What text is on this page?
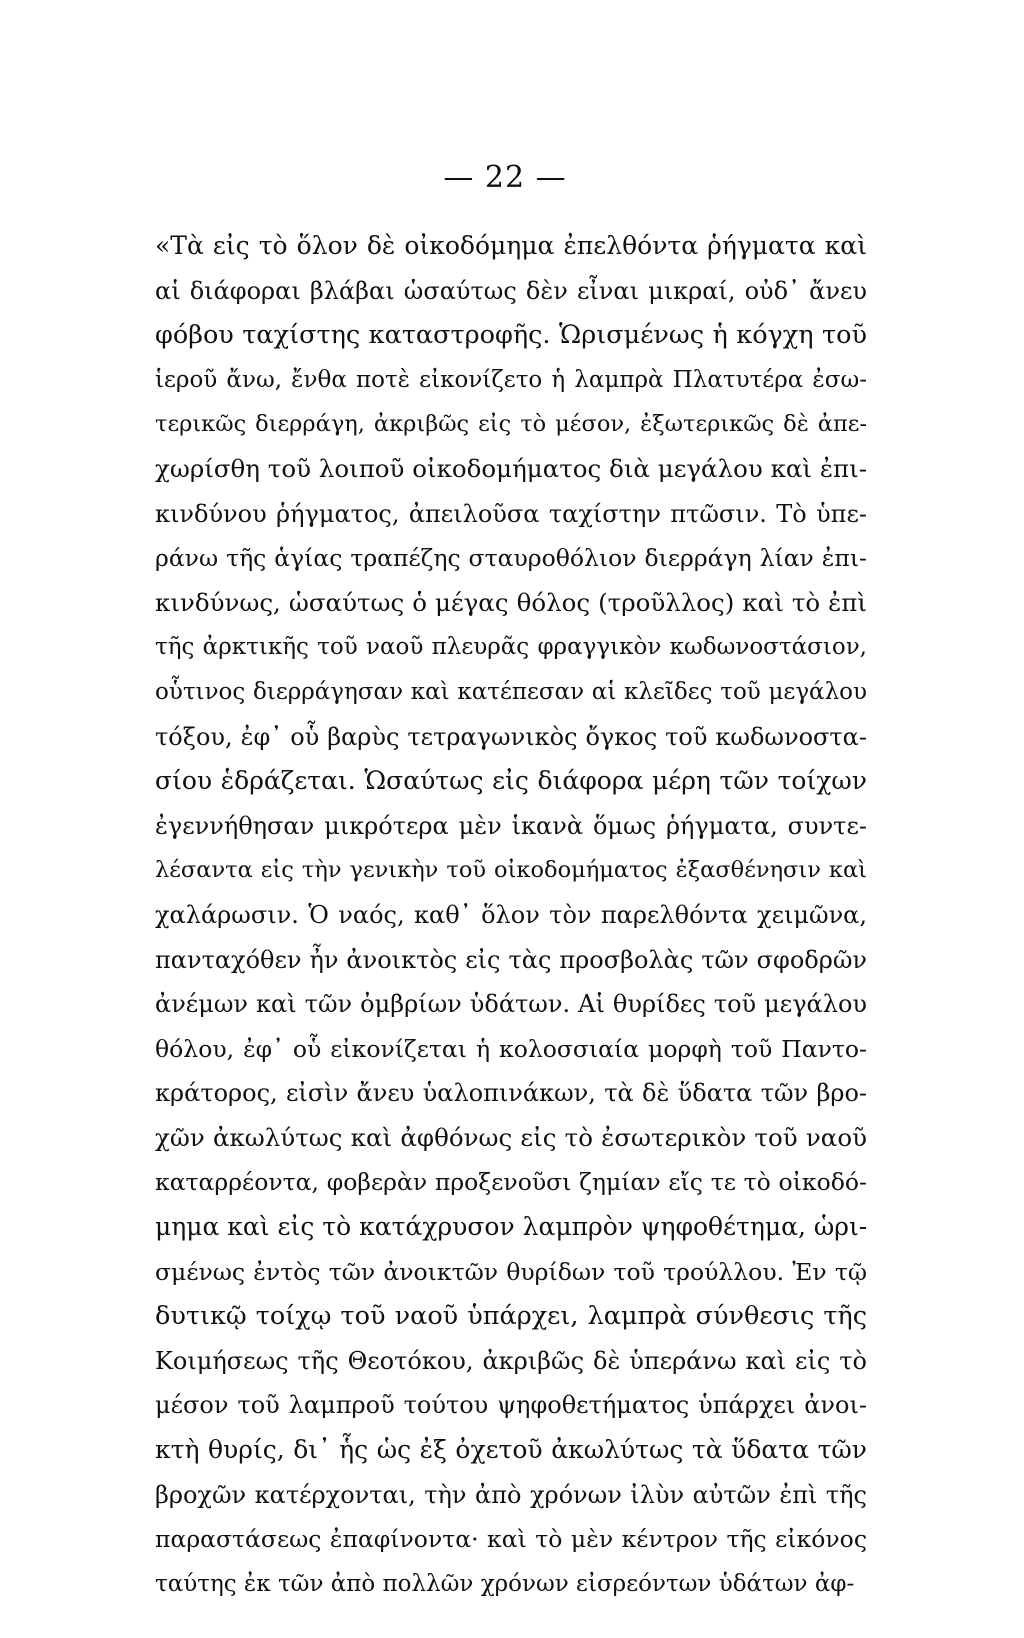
— 22 —

«Τὰ εἰς τὸ ὅλον δὲ οἰκοδόμημα ἐπελθόντα ῥήγματα καὶ
αἱ διάφοραι βλάβαι ὡσαύτως δὲν εἶναι μικραί, οὐδ᾽ ἄνευ
φόβου ταχίστης καταστροφῆς. Ὡρισμένως ἡ κόγχη τοῦ
ἱεροῦ ἄνω, ἔνθα ποτὲ εἰκονίζετο ἡ λαμπρὰ Πλατυτέρα ἐσω-
τερικῶς διερράγη, ἀκριβῶς εἰς τὸ μέσον, ἐξωτερικῶς δὲ ἀπε-
χωρίσθη τοῦ λοιποῦ οἰκοδομήματος διὰ μεγάλου καὶ ἐπι-
κινδύνου ῥήγματος, ἀπειλοῦσα ταχίστην πτῶσιν. Τὸ ὑπε-
ράνω τῆς ἁγίας τραπέζης σταυροθόλιον διερράγη λίαν ἐπι-
κινδύνως, ὡσαύτως ὁ μέγας θόλος (τροῦλλος) καὶ τὸ ἐπὶ
τῆς ἀρκτικῆς τοῦ ναοῦ πλευρᾶς φραγγικὸν κωδωνοστάσιον,
οὗτινος διερράγησαν καὶ κατέπεσαν αἱ κλεῖδες τοῦ μεγάλου
τόξου, ἐφ᾽ οὗ βαρὺς τετραγωνικὸς ὄγκος τοῦ κωδωνοστα-
σίου ἑδράζεται. Ὡσαύτως εἰς διάφορα μέρη τῶν τοίχων
ἐγεννήθησαν μικρότερα μὲν ἱκανὰ ὅμως ῥήγματα, συντε-
λέσαντα εἰς τὴν γενικὴν τοῦ οἰκοδομήματος ἐξασθένησιν καὶ
χαλάρωσιν. Ὁ ναός, καθ᾽ ὅλον τὸν παρελθόντα χειμῶνα,
πανταχόθεν ἦν ἀνοικτὸς εἰς τὰς προσβολὰς τῶν σφοδρῶν
ἀνέμων καὶ τῶν ὀμβρίων ὑδάτων. Αἱ θυρίδες τοῦ μεγάλου
θόλου, ἐφ᾽ οὗ εἰκονίζεται ἡ κολοσσιαία μορφὴ τοῦ Παντο-
κράτορος, εἰσὶν ἄνευ ὑαλοπινάκων, τὰ δὲ ὕδατα τῶν βρο-
χῶν ἀκωλύτως καὶ ἀφθόνως εἰς τὸ ἐσωτερικὸν τοῦ ναοῦ
καταρρέοντα, φοβερὰν προξενοῦσι ζημίαν εἴς τε τὸ οἰκοδό-
μημα καὶ εἰς τὸ κατάχρυσον λαμπρὸν ψηφοθέτημα, ὡρι-
σμένως ἐντὸς τῶν ἀνοικτῶν θυρίδων τοῦ τρούλλου. Ἐν τῷ
δυτικῷ τοίχῳ τοῦ ναοῦ ὑπάρχει, λαμπρὰ σύνθεσις τῆς
Κοιμήσεως τῆς Θεοτόκου, ἀκριβῶς δὲ ὑπεράνω καὶ εἰς τὸ
μέσον τοῦ λαμπροῦ τούτου ψηφοθετήματος ὑπάρχει ἀνοι-
κτὴ θυρίς, δι᾽ ἧς ὡς ἐξ ὀχετοῦ ἀκωλύτως τὰ ὕδατα τῶν
βροχῶν κατέρχονται, τὴν ἀπὸ χρόνων ἰλὺν αὐτῶν ἐπὶ τῆς
παραστάσεως ἐπαφίνοντα· καὶ τὸ μὲν κέντρον τῆς εἰκόνος
ταύτης ἐκ τῶν ἀπὸ πολλῶν χρόνων εἰσρεόντων ὑδάτων ἀφ-
